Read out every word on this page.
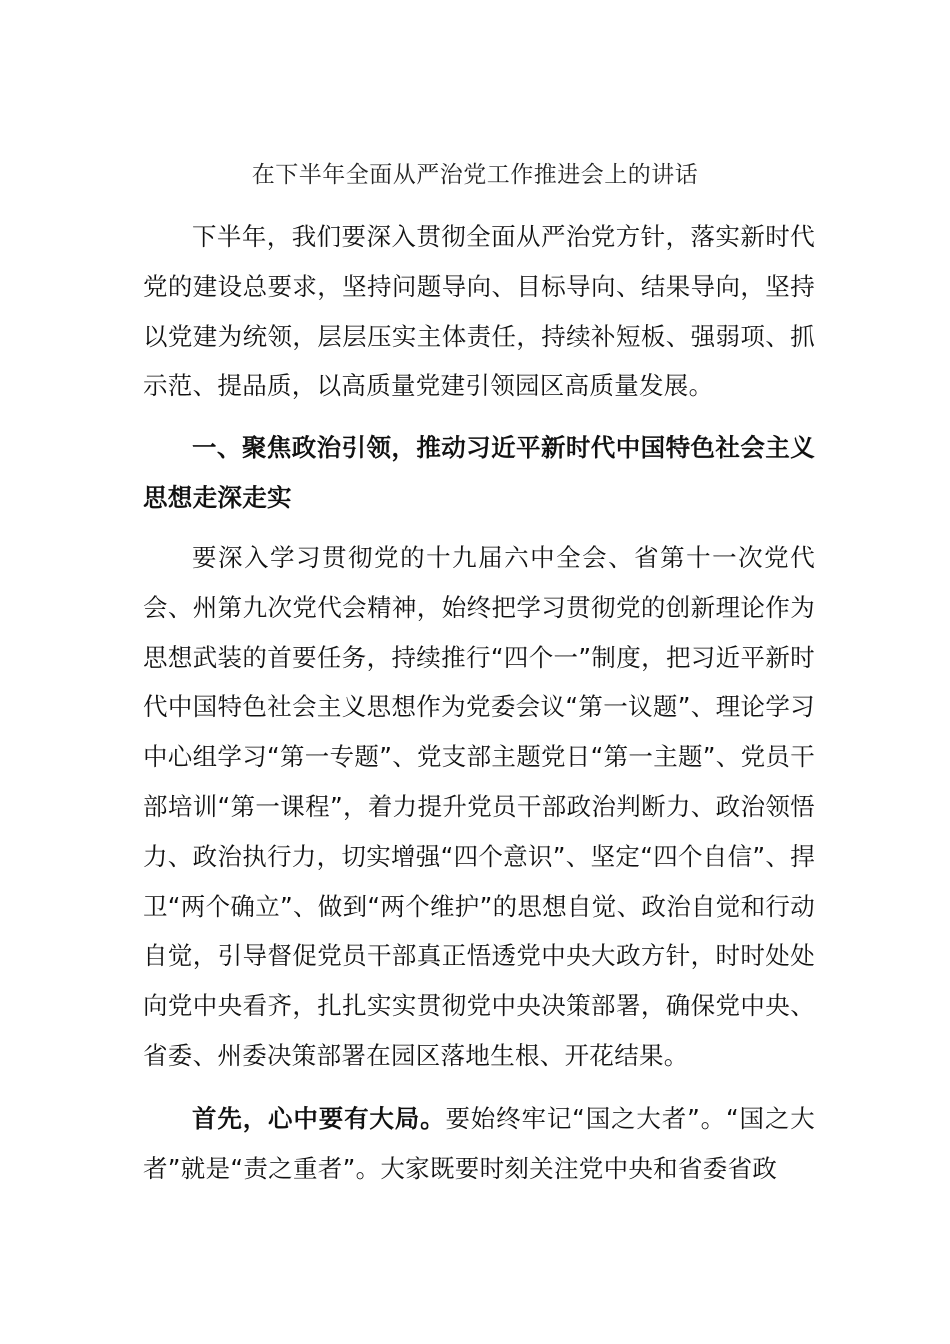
在下半年全面从严治党工作推进会上的讲话

下半年，我们要深入贯彻全面从严治党方针，落实新时代党的建设总要求，坚持问题导向、目标导向、结果导向，坚持以党建为统领，层层压实主体责任，持续补短板、强弱项、抓示范、提品质，以高质量党建引领园区高质量发展。

一、聚焦政治引领，推动习近平新时代中国特色社会主义思想走深走实

要深入学习贯彻党的十九届六中全会、省第十一次党代会、州第九次党代会精神，始终把学习贯彻党的创新理论作为思想武装的首要任务，持续推行“四个一”制度，把习近平新时代中国特色社会主义思想作为党委会议“第一议题”、理论学习中心组学习“第一专题”、党支部主题党日“第一主题”、党员干部培训“第一课程”，着力提升党员干部政治判断力、政治领悟力、政治执行力，切实增强“四个意识”、坚定“四个自信”、捍卫“两个确立”、做到“两个维护”的思想自觉、政治自觉和行动自觉，引导督促党员干部真正悟透党中央大政方针，时时处处向党中央看齐，扎扎实实贯彻党中央决策部署，确保党中央、省委、州委决策部署在园区落地生根、开花结果。

首先，心中要有大局。要始终牢记“国之大者”。“国之大者”就是“责之重者”。大家既要时刻关注党中央和省委省政
